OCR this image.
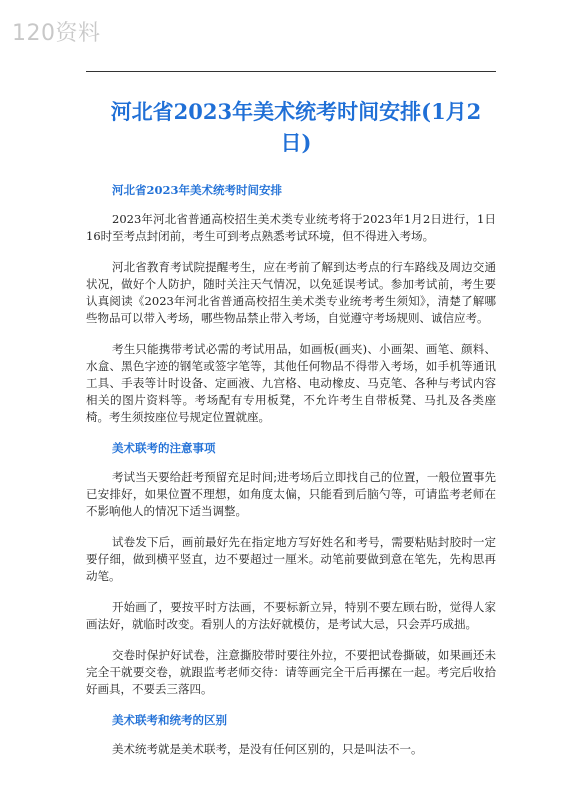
120资料
河北省2023年美术统考时间安排(1月2日)
河北省2023年美术统考时间安排

2023年河北省普通高校招生美术类专业统考将于2023年1月2日进行，1日16时至考点封闭前，考生可到考点熟悉考试环境，但不得进入考场。

河北省教育考试院提醒考生，应在考前了解到达考点的行车路线及周边交通状况，做好个人防护，随时关注天气情况，以免延误考试。参加考试前，考生要认真阅读《2023年河北省普通高校招生美术类专业统考考生须知》，清楚了解哪些物品可以带入考场，哪些物品禁止带入考场，自觉遵守考场规则、诚信应考。

考生只能携带考试必需的考试用品，如画板(画夹)、小画架、画笔、颜料、水盒、黑色字迹的钢笔或签字笔等，其他任何物品不得带入考场，如手机等通讯工具、手表等计时设备、定画液、九宫格、电动橡皮、马克笔、各种与考试内容相关的图片资料等。考场配有专用板凳，不允许考生自带板凳、马扎及各类座椅。考生须按座位号规定位置就座。

美术联考的注意事项

考试当天要给赶考预留充足时间;进考场后立即找自己的位置，一般位置事先已安排好，如果位置不理想，如角度太偏，只能看到后脑勺等，可请监考老师在不影响他人的情况下适当调整。

试卷发下后，画前最好先在指定地方写好姓名和考号，需要粘贴封胶时一定要仔细，做到横平竖直，边不要超过一厘米。动笔前要做到意在笔先，先构思再动笔。

开始画了，要按平时方法画，不要标新立异，特别不要左顾右盼，觉得人家画法好，就临时改变。看别人的方法好就模仿，是考试大忌，只会弄巧成拙。

交卷时保护好试卷，注意撕胶带时要往外拉，不要把试卷撕破，如果画还未完全干就要交卷，就跟监考老师交待：请等画完全干后再摞在一起。考完后收拾好画具，不要丢三落四。

美术联考和统考的区别

美术统考就是美术联考，是没有任何区别的，只是叫法不一。
